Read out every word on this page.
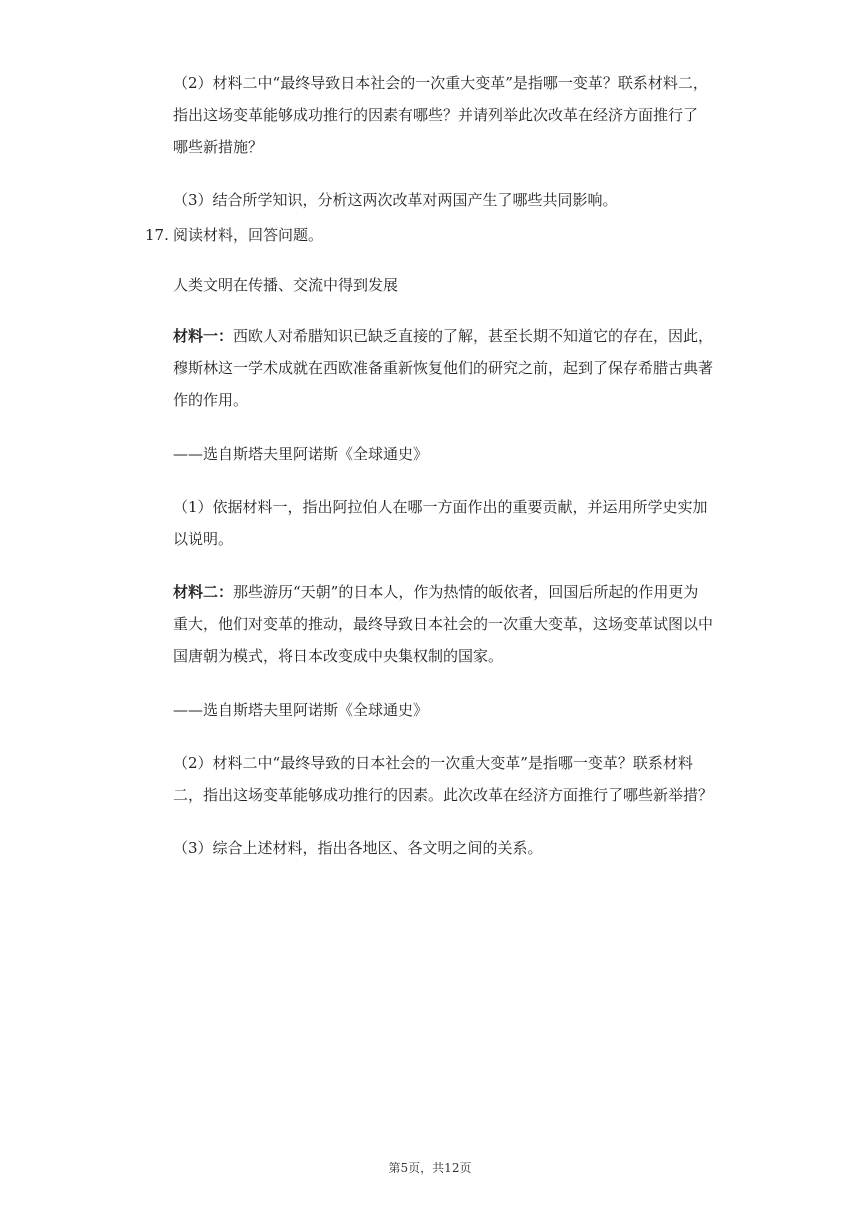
（2）材料二中“最终导致日本社会的一次重大变革”是指哪一变革？联系材料二，

指出这场变革能够成功推行的因素有哪些？并请列举此次改革在经济方面推行了

哪些新措施？

（3）结合所学知识，分析这两次改革对两国产生了哪些共同影响。

17. 阅读材料，回答问题。

人类文明在传播、交流中得到发展

材料一：西欧人对希腊知识已缺乏直接的了解，甚至长期不知道它的存在，因此，

穆斯林这一学术成就在西欧准备重新恢复他们的研究之前，起到了保存希腊古典著

作的作用。

——选自斯塔夫里阿诺斯《全球通史》

（1）依据材料一，指出阿拉伯人在哪一方面作出的重要贡献，并运用所学史实加

以说明。

材料二：那些游历“天朝”的日本人，作为热情的皈依者，回国后所起的作用更为

重大，他们对变革的推动，最终导致日本社会的一次重大变革，这场变革试图以中

国唐朝为模式，将日本改变成中央集权制的国家。

——选自斯塔夫里阿诺斯《全球通史》

（2）材料二中“最终导致的日本社会的一次重大变革”是指哪一变革？联系材料

二，指出这场变革能够成功推行的因素。此次改革在经济方面推行了哪些新举措？

（3）综合上述材料，指出各地区、各文明之间的关系。

第5页，共12页
